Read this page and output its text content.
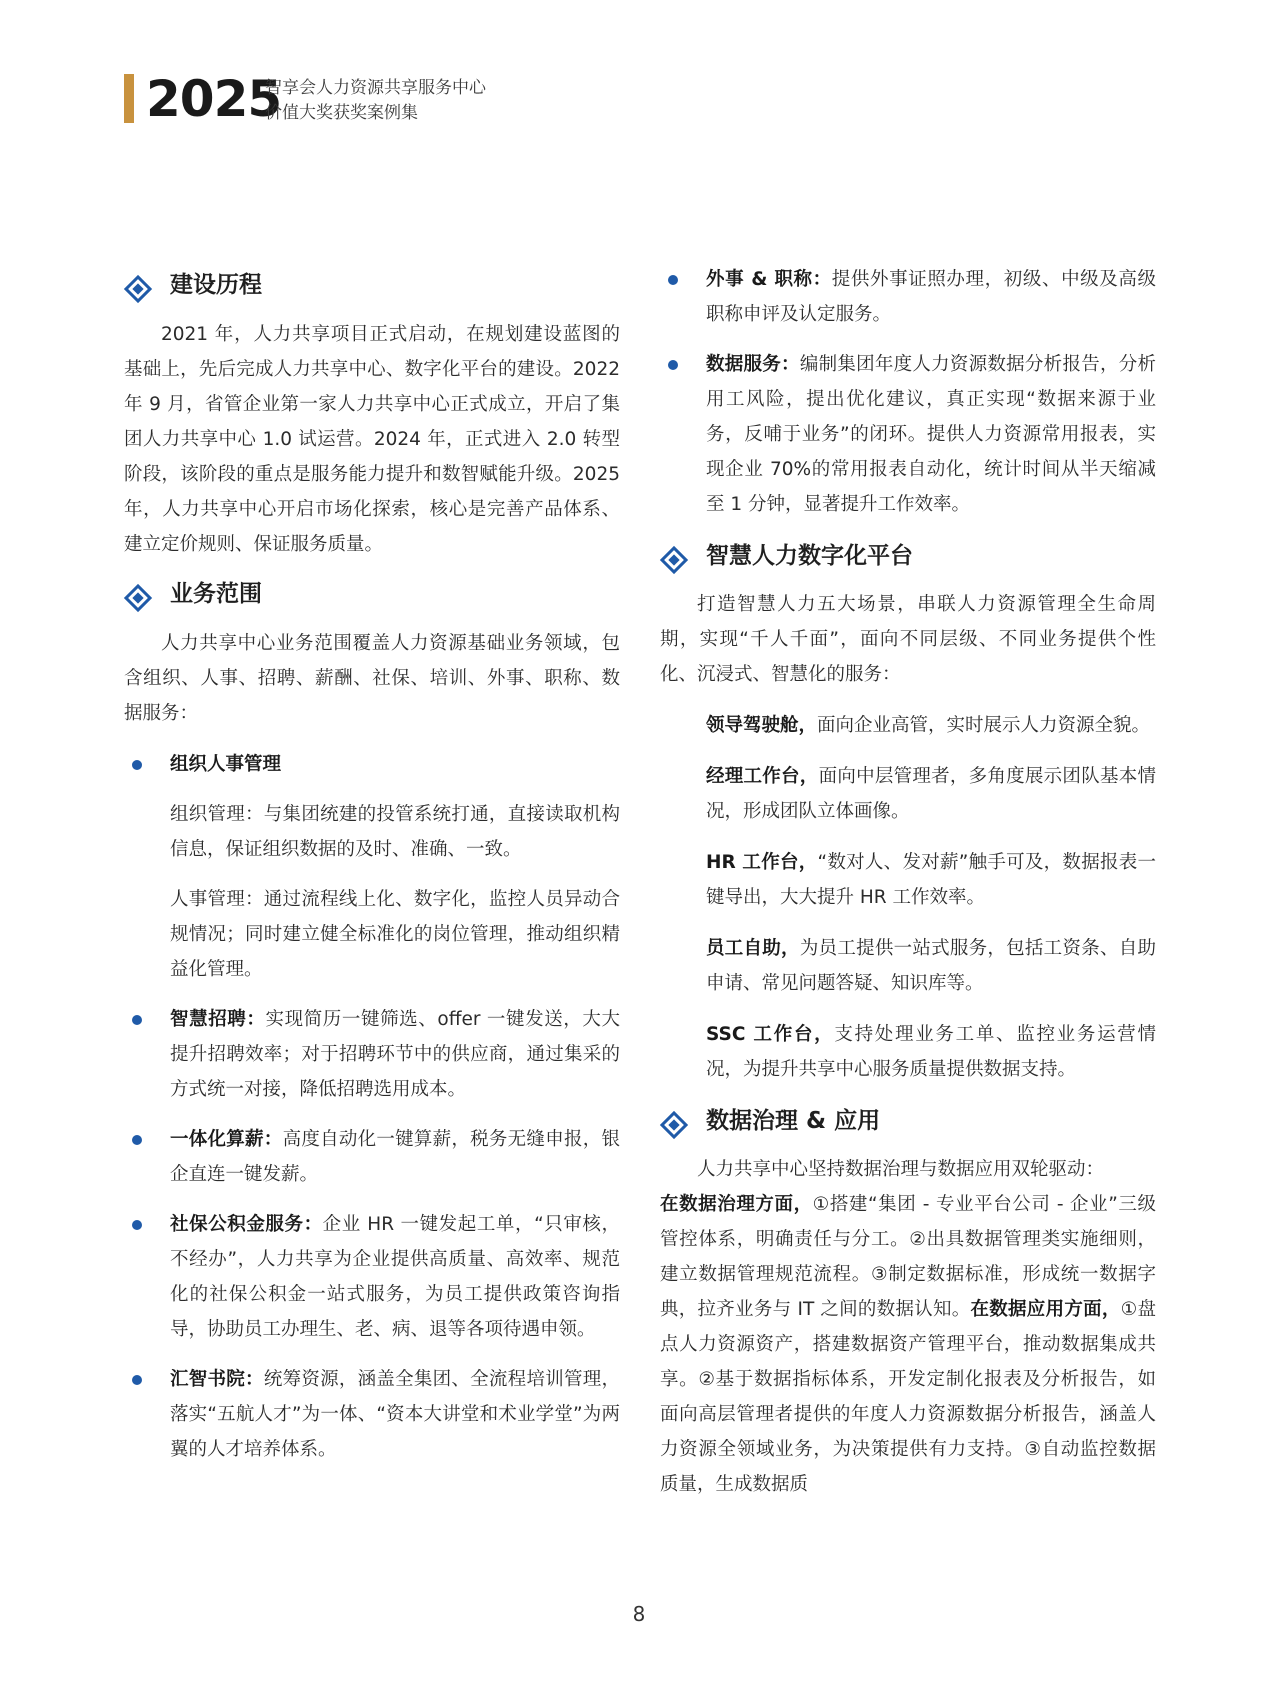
2025
智享会人力资源共享服务中心
价值大奖获奖案例集
建设历程

2021 年，人力共享项目正式启动，在规划建设蓝图的基础上，先后完成人力共享中心、数字化平台的建设。2022 年 9 月，省管企业第一家人力共享中心正式成立，开启了集团人力共享中心 1.0 试运营。2024 年，正式进入 2.0 转型阶段，该阶段的重点是服务能力提升和数智赋能升级。2025 年，人力共享中心开启市场化探索，核心是完善产品体系、建立定价规则、保证服务质量。

业务范围

人力共享中心业务范围覆盖人力资源基础业务领域，包含组织、人事、招聘、薪酬、社保、培训、外事、职称、数据服务：

组织人事管理

组织管理：与集团统建的投管系统打通，直接读取机构信息，保证组织数据的及时、准确、一致。

人事管理：通过流程线上化、数字化，监控人员异动合规情况；同时建立健全标准化的岗位管理，推动组织精益化管理。

智慧招聘：实现简历一键筛选、offer 一键发送，大大提升招聘效率；对于招聘环节中的供应商，通过集采的方式统一对接，降低招聘选用成本。

一体化算薪：高度自动化一键算薪，税务无缝申报，银企直连一键发薪。

社保公积金服务：企业 HR 一键发起工单，“只审核，不经办”，人力共享为企业提供高质量、高效率、规范化的社保公积金一站式服务，为员工提供政策咨询指导，协助员工办理生、老、病、退等各项待遇申领。

汇智书院：统筹资源，涵盖全集团、全流程培训管理，落实“五航人才”为一体、“资本大讲堂和术业学堂”为两翼的人才培养体系。

外事 & 职称：提供外事证照办理，初级、中级及高级职称申评及认定服务。

数据服务：编制集团年度人力资源数据分析报告，分析用工风险，提出优化建议，真正实现“数据来源于业务，反哺于业务”的闭环。提供人力资源常用报表，实现企业 70%的常用报表自动化，统计时间从半天缩减至 1 分钟，显著提升工作效率。

智慧人力数字化平台

打造智慧人力五大场景，串联人力资源管理全生命周期，实现“千人千面”，面向不同层级、不同业务提供个性化、沉浸式、智慧化的服务：

领导驾驶舱，面向企业高管，实时展示人力资源全貌。

经理工作台，面向中层管理者，多角度展示团队基本情况，形成团队立体画像。

HR 工作台，“数对人、发对薪”触手可及，数据报表一键导出，大大提升 HR 工作效率。

员工自助，为员工提供一站式服务，包括工资条、自助申请、常见问题答疑、知识库等。

SSC 工作台，支持处理业务工单、监控业务运营情况，为提升共享中心服务质量提供数据支持。

数据治理 & 应用

人力共享中心坚持数据治理与数据应用双轮驱动：

在数据治理方面，①搭建“集团 - 专业平台公司 - 企业”三级管控体系，明确责任与分工。②出具数据管理类实施细则，建立数据管理规范流程。③制定数据标准，形成统一数据字典，拉齐业务与 IT 之间的数据认知。在数据应用方面，①盘点人力资源资产，搭建数据资产管理平台，推动数据集成共享。②基于数据指标体系，开发定制化报表及分析报告，如面向高层管理者提供的年度人力资源数据分析报告，涵盖人力资源全领域业务，为决策提供有力支持。③自动监控数据质量，生成数据质

8
